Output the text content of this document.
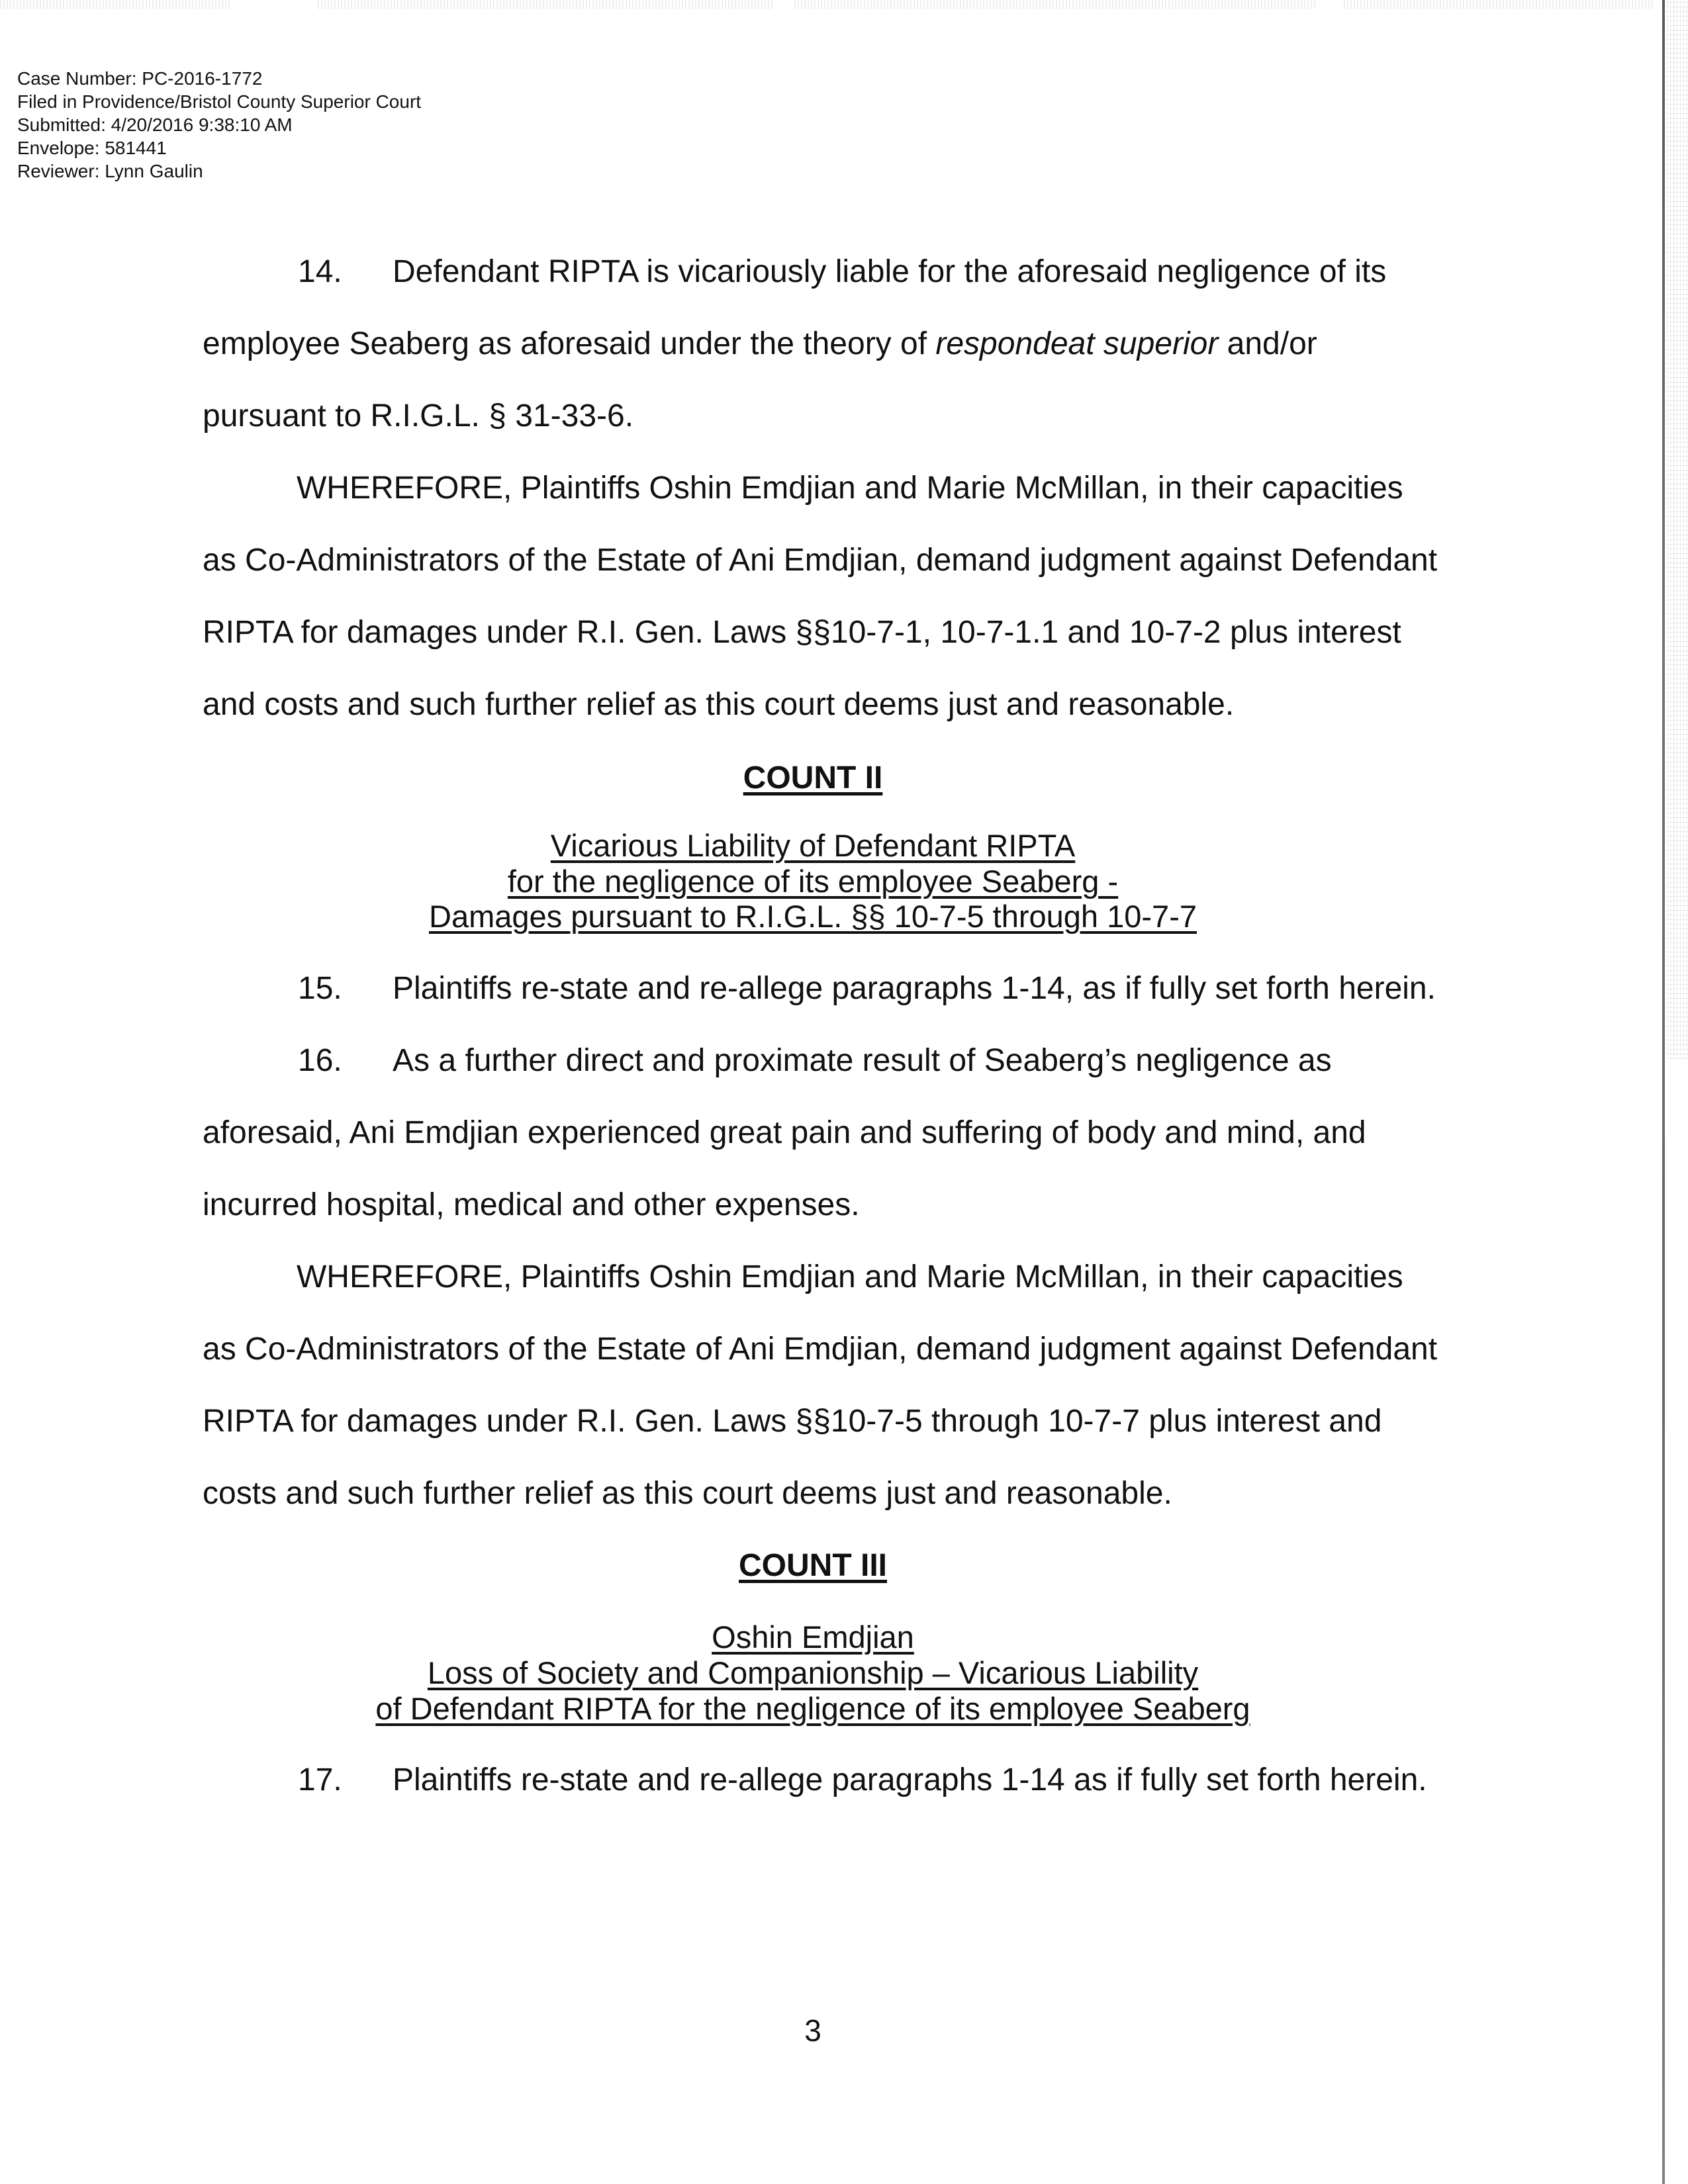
Case Number: PC-2016-1772
Filed in Providence/Bristol County Superior Court
Submitted: 4/20/2016 9:38:10 AM
Envelope: 581441
Reviewer: Lynn Gaulin
14. Defendant RIPTA is vicariously liable for the aforesaid negligence of its
employee Seaberg as aforesaid under the theory of respondeat superior and/or
pursuant to R.I.G.L. § 31-33-6.
WHEREFORE, Plaintiffs Oshin Emdjian and Marie McMillan, in their capacities
as Co-Administrators of the Estate of Ani Emdjian, demand judgment against Defendant
RIPTA for damages under R.I. Gen. Laws §§10-7-1, 10-7-1.1 and 10-7-2 plus interest
and costs and such further relief as this court deems just and reasonable.
COUNT II
Vicarious Liability of Defendant RIPTA
for the negligence of its employee Seaberg -
Damages pursuant to R.I.G.L. §§ 10-7-5 through 10-7-7
15. Plaintiffs re-state and re-allege paragraphs 1-14, as if fully set forth herein.
16. As a further direct and proximate result of Seaberg’s negligence as
aforesaid, Ani Emdjian experienced great pain and suffering of body and mind, and
incurred hospital, medical and other expenses.
WHEREFORE, Plaintiffs Oshin Emdjian and Marie McMillan, in their capacities
as Co-Administrators of the Estate of Ani Emdjian, demand judgment against Defendant
RIPTA for damages under R.I. Gen. Laws §§10-7-5 through 10-7-7 plus interest and
costs and such further relief as this court deems just and reasonable.
COUNT III
Oshin Emdjian
Loss of Society and Companionship – Vicarious Liability
of Defendant RIPTA for the negligence of its employee Seaberg
17. Plaintiffs re-state and re-allege paragraphs 1-14 as if fully set forth herein.
3
